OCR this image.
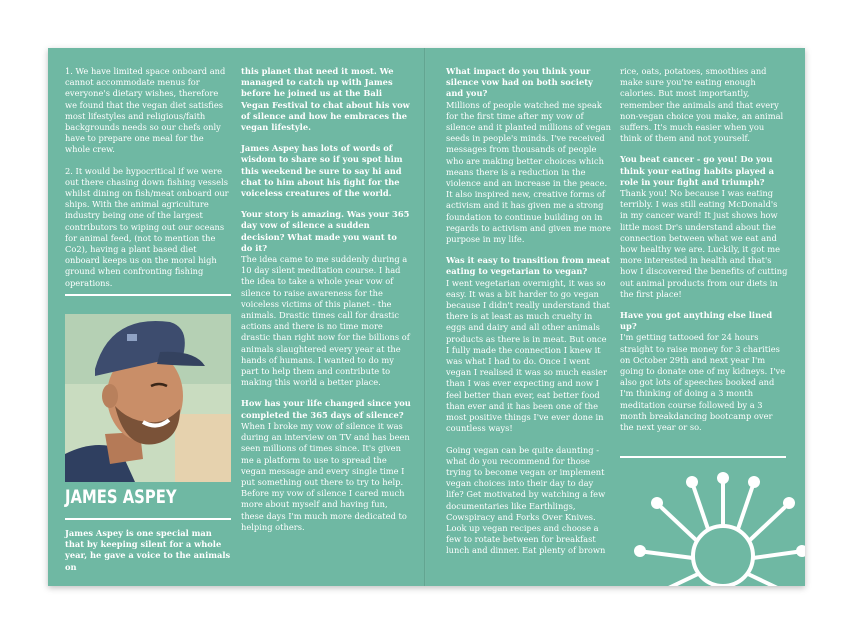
1. We have limited space onboard and cannot accommodate menus for everyone's dietary wishes, therefore we found that the vegan diet satisfies most lifestyles and religious/faith backgrounds needs so our chefs only have to prepare one meal for the whole crew.

2. It would be hypocritical if we were out there chasing down fishing vessels whilst dining on fish/meat onboard our ships. With the animal agriculture industry being one of the largest contributors to wiping out our oceans for animal feed, (not to mention the Co2), having a plant based diet onboard keeps us on the moral high ground when confronting fishing operations.

JAMES ASPEY
James Aspey is one special man that by keeping silent for a whole year, he gave a voice to the animals on

this planet that need it most. We managed to catch up with James before he joined us at the Bali Vegan Festival to chat about his vow of silence and how he embraces the vegan lifestyle.

James Aspey has lots of words of wisdom to share so if you spot him this weekend be sure to say hi and chat to him about his fight for the voiceless creatures of the world.

Your story is amazing. Was your 365 day vow of silence a sudden decision? What made you want to do it?

The idea came to me suddenly during a 10 day silent meditation course. I had the idea to take a whole year vow of silence to raise awareness for the voiceless victims of this planet - the animals. Drastic times call for drastic actions and there is no time more drastic than right now for the billions of animals slaughtered every year at the hands of humans. I wanted to do my part to help them and contribute to making this world a better place.

How has your life changed since you completed the 365 days of silence?

When I broke my vow of silence it was during an interview on TV and has been seen millions of times since. It's given me a platform to use to spread the vegan message and every single time I put something out there to try to help. Before my vow of silence I cared much more about myself and having fun, these days I'm much more dedicated to helping others.

What impact do you think your silence vow had on both society and you?

Millions of people watched me speak for the first time after my vow of silence and it planted millions of vegan seeds in people's minds. I've received messages from thousands of people who are making better choices which means there is a reduction in the violence and an increase in the peace. It also inspired new, creative forms of activism and it has given me a strong foundation to continue building on in regards to activism and given me more purpose in my life.

Was it easy to transition from meat eating to vegetarian to vegan?

I went vegetarian overnight, it was so easy. It was a bit harder to go vegan because I didn't really understand that there is at least as much cruelty in eggs and dairy and all other animals products as there is in meat. But once I fully made the connection I knew it was what I had to do. Once I went vegan I realised it was so much easier than I was ever expecting and now I feel better than ever, eat better food than ever and it has been one of the most positive things I've ever done in countless ways!

Going vegan can be quite daunting - what do you recommend for those trying to become vegan or implement vegan choices into their day to day life? Get motivated by watching a few documentaries like Earthlings, Cowspiracy and Forks Over Knives. Look up vegan recipes and choose a few to rotate between for breakfast lunch and dinner. Eat plenty of brown

rice, oats, potatoes, smoothies and make sure you're eating enough calories. But most importantly, remember the animals and that every non-vegan choice you make, an animal suffers. It's much easier when you think of them and not yourself.

You beat cancer - go you! Do you think your eating habits played a role in your fight and triumph?

Thank you! No because I was eating terribly. I was still eating McDonald's in my cancer ward! It just shows how little most Dr's understand about the connection between what we eat and how healthy we are. Luckily, it got me more interested in health and that's how I discovered the benefits of cutting out animal products from our diets in the first place!

Have you got anything else lined up?

I'm getting tattooed for 24 hours straight to raise money for 3 charities on October 29th and next year I'm going to donate one of my kidneys. I've also got lots of speeches booked and I'm thinking of doing a 3 month meditation course followed by a 3 month breakdancing bootcamp over the next year or so.
